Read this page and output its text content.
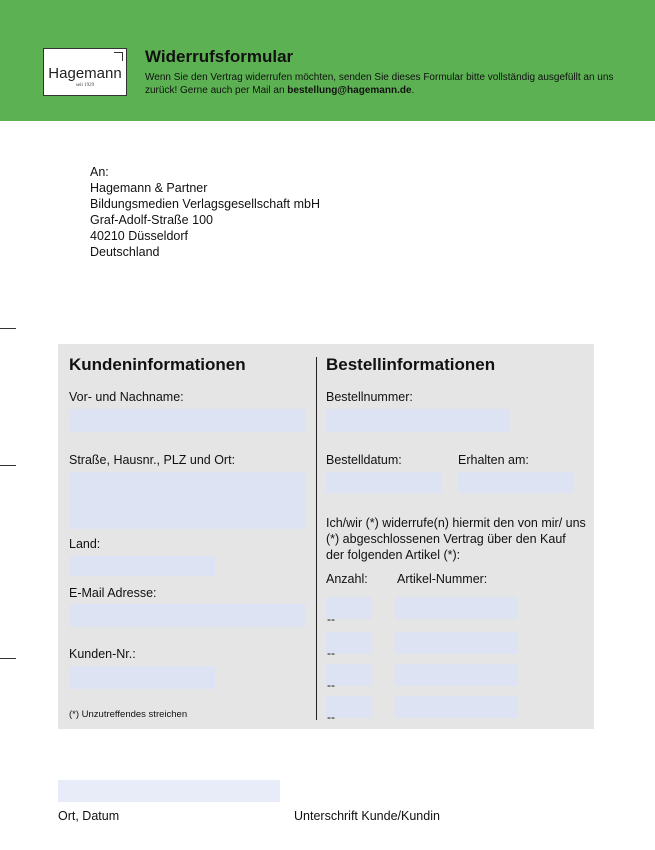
Hagemann
seit 1929
Widerrufsformular
Wenn Sie den Vertrag widerrufen möchten, senden Sie dieses Formular bitte vollständig ausgefüllt an uns zurück! Gerne auch per Mail an bestellung@hagemann.de.
An:
Hagemann & Partner
Bildungsmedien Verlagsgesellschaft mbH
Graf-Adolf-Straße 100
40210 Düsseldorf
Deutschland
Kundeninformationen
Vor- und Nachname:
Straße, Hausnr., PLZ und Ort:
Land:
E-Mail Adresse:
Kunden-Nr.:
(*) Unzutreffendes streichen
Bestellinformationen
Bestellnummer:
Bestelldatum:	Erhalten am:
Ich/wir (*) widerrufe(n) hiermit den von mir/ uns (*) abgeschlossenen Vertrag über den Kauf der folgenden Artikel (*):
Anzahl: Artikel-Nummer:
--
--
--
--
Ort, Datum	Unterschrift Kunde/Kundin
